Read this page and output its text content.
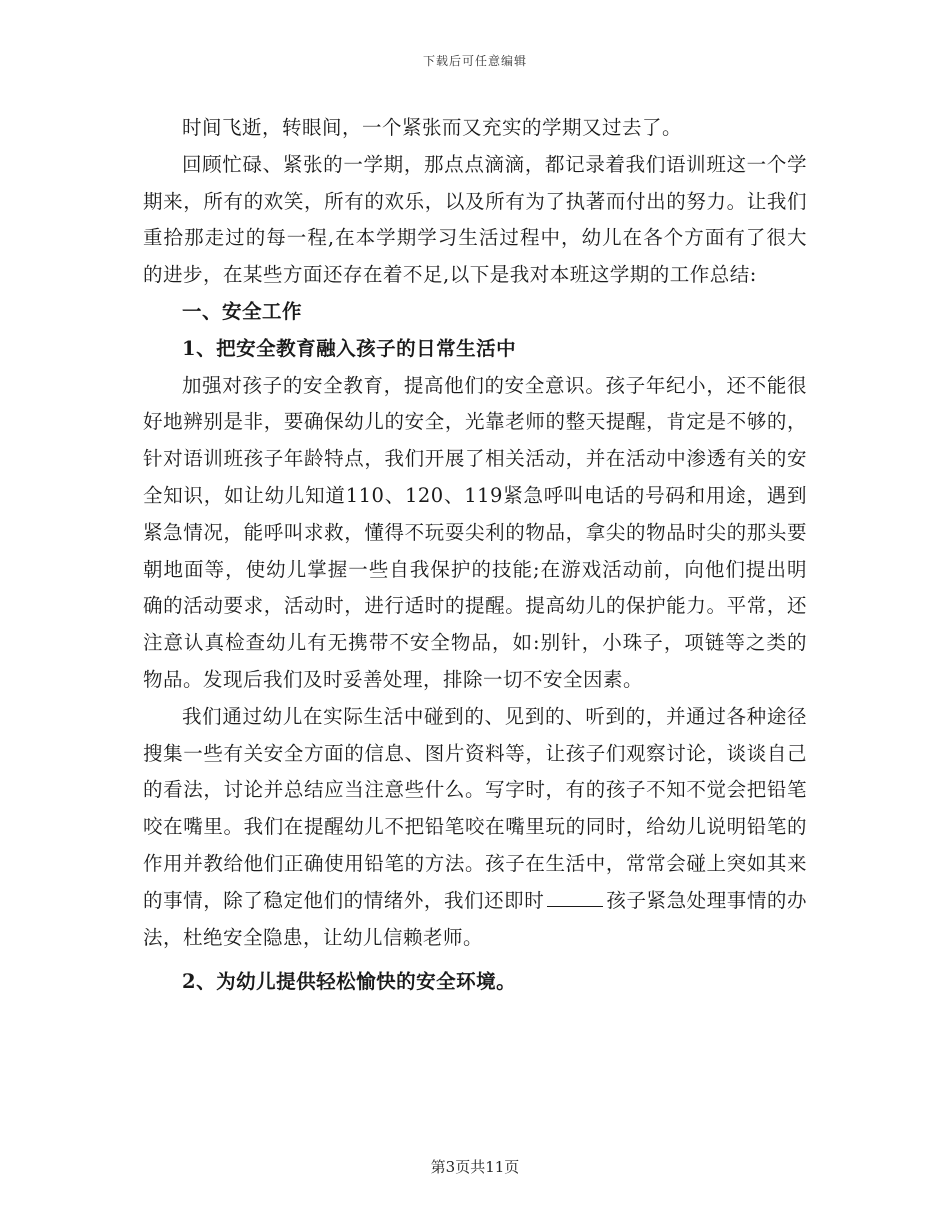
下载后可任意编辑

时间飞逝，转眼间，一个紧张而又充实的学期又过去了。

回顾忙碌、紧张的一学期，那点点滴滴，都记录着我们语训班这一个学期来，所有的欢笑，所有的欢乐，以及所有为了执著而付出的努力。让我们重拾那走过的每一程,在本学期学习生活过程中，幼儿在各个方面有了很大的进步，在某些方面还存在着不足,以下是我对本班这学期的工作总结:

一、安全工作

1、把安全教育融入孩子的日常生活中

加强对孩子的安全教育，提高他们的安全意识。孩子年纪小，还不能很好地辨别是非，要确保幼儿的安全，光靠老师的整天提醒，肯定是不够的，针对语训班孩子年龄特点，我们开展了相关活动，并在活动中渗透有关的安全知识，如让幼儿知道110、120、119紧急呼叫电话的号码和用途，遇到紧急情况，能呼叫求救，懂得不玩耍尖利的物品，拿尖的物品时尖的那头要朝地面等，使幼儿掌握一些自我保护的技能;在游戏活动前，向他们提出明确的活动要求，活动时，进行适时的提醒。提高幼儿的保护能力。平常，还注意认真检查幼儿有无携带不安全物品，如:别针，小珠子，项链等之类的物品。发现后我们及时妥善处理，排除一切不安全因素。

我们通过幼儿在实际生活中碰到的、见到的、听到的，并通过各种途径搜集一些有关安全方面的信息、图片资料等，让孩子们观察讨论，谈谈自己的看法，讨论并总结应当注意些什么。写字时，有的孩子不知不觉会把铅笔咬在嘴里。我们在提醒幼儿不把铅笔咬在嘴里玩的同时，给幼儿说明铅笔的作用并教给他们正确使用铅笔的方法。孩子在生活中，常常会碰上突如其来的事情，除了稳定他们的情绪外，我们还即时	孩子紧急处理事情的办法，杜绝安全隐患，让幼儿信赖老师。

2、为幼儿提供轻松愉快的安全环境。

第3页共11页
